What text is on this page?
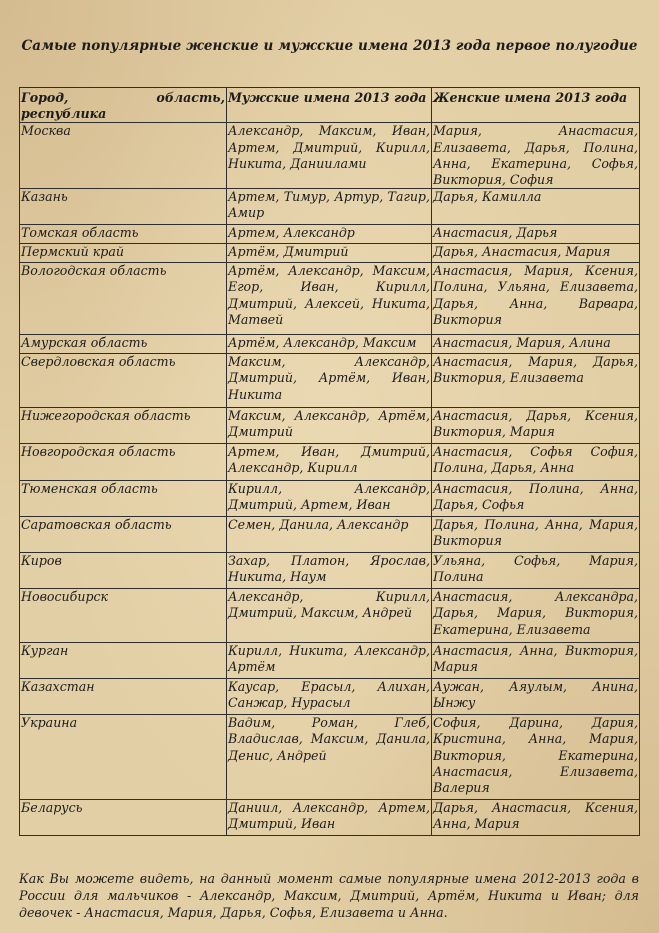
Самые популярные женские и мужские имена 2013 года первое полугодие
Город, область, республика	Мужские имена 2013 года	Женские имена 2013 года
Москва	Александр, Максим, Иван, Артем, Дмитрий, Кирилл, Никита, Даниилами	Мария, Анастасия, Елизавета, Дарья, Полина, Анна, Екатерина, Софья, Виктория, София
Казань	Артем, Тимур, Артур, Тагир, Амир	Дарья, Камилла
Томская область	Артем, Александр	Анастасия, Дарья
Пермский край	Артём, Дмитрий	Дарья, Анастасия, Мария
Вологодская область	Артём, Александр, Максим, Егор, Иван, Кирилл, Дмитрий, Алексей, Никита, Матвей	Анастасия, Мария, Ксения, Полина, Ульяна, Елизавета, Дарья, Анна, Варвара, Виктория
Амурская область	Артём, Александр, Максим	Анастасия, Мария, Алина
Свердловская область	Максим, Александр, Дмитрий, Артём, Иван, Никита	Анастасия, Мария, Дарья, Виктория, Елизавета
Нижегородская область	Максим, Александр, Артём, Дмитрий	Анастасия, Дарья, Ксения, Виктория, Мария
Новгородская область	Артем, Иван, Дмитрий, Александр, Кирилл	Анастасия, Софья София, Полина, Дарья, Анна
Тюменская область	Кирилл, Александр, Дмитрий, Артем, Иван	Анастасия, Полина, Анна, Дарья, Софья
Саратовская область	Семен, Данила, Александр	Дарья, Полина, Анна, Мария, Виктория
Киров	Захар, Платон, Ярослав, Никита, Наум	Ульяна, Софья, Мария, Полина
Новосибирск	Александр, Кирилл, Дмитрий, Максим, Андрей	Анастасия, Александра, Дарья, Мария, Виктория, Екатерина, Елизавета
Курган	Кирилл, Никита, Александр, Артём	Анастасия, Анна, Виктория, Мария
Казахстан	Каусар, Ерасыл, Алихан, Санжар, Нурасыл	Аужан, Аяулым, Анина, Ынжу
Украина	Вадим, Роман, Глеб, Владислав, Максим, Данила, Денис, Андрей	София, Дарина, Дария, Кристина, Анна, Мария, Виктория, Екатерина, Анастасия, Елизавета, Валерия
Беларусь	Даниил, Александр, Артем, Дмитрий, Иван	Дарья, Анастасия, Ксения, Анна, Мария
Как Вы можете видеть, на данный момент самые популярные имена 2012-2013 года в России для мальчиков - Александр, Максим, Дмитрий, Артём, Никита и Иван; для девочек - Анастасия, Мария, Дарья, Софья, Елизавета и Анна.
